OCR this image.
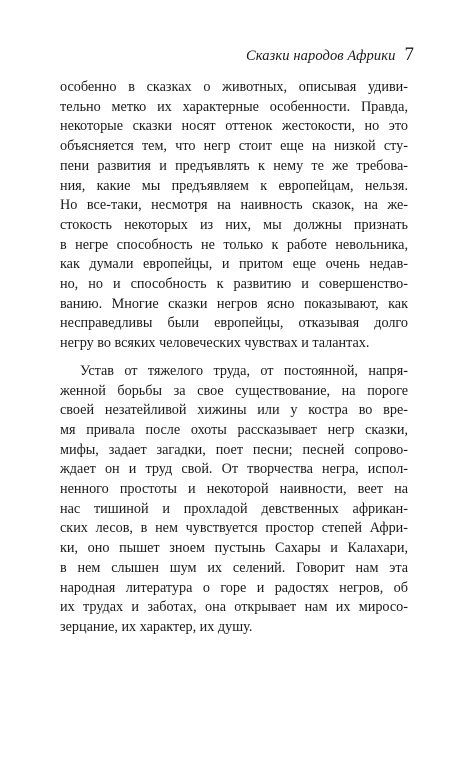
Сказки народов Африки 7

особенно в сказках о животных, описывая удиви-
тельно метко их характерные особенности. Правда,
некоторые сказки носят оттенок жестокости, но это
объясняется тем, что негр стоит еще на низкой сту-
пени развития и предъявлять к нему те же требова-
ния, какие мы предъявляем к европейцам, нельзя.
Но все-таки, несмотря на наивность сказок, на же-
стокость некоторых из них, мы должны признать
в негре способность не только к работе невольника,
как думали европейцы, и притом еще очень недав-
но, но и способность к развитию и совершенство-
ванию. Многие сказки негров ясно показывают, как
несправедливы были европейцы, отказывая долго
негру во всяких человеческих чувствах и талантах.

Устав от тяжелого труда, от постоянной, напря-
женной борьбы за свое существование, на пороге
своей незатейливой хижины или у костра во вре-
мя привала после охоты рассказывает негр сказки,
мифы, задает загадки, поет песни; песней сопрово-
ждает он и труд свой. От творчества негра, испол-
ненного простоты и некоторой наивности, веет на
нас тишиной и прохладой девственных африкан-
ских лесов, в нем чувствуется простор степей Афри-
ки, оно пышет зноем пустынь Сахары и Калахари,
в нем слышен шум их селений. Говорит нам эта
народная литература о горе и радостях негров, об
их трудах и заботах, она открывает нам их миросо-
зерцание, их характер, их душу.
